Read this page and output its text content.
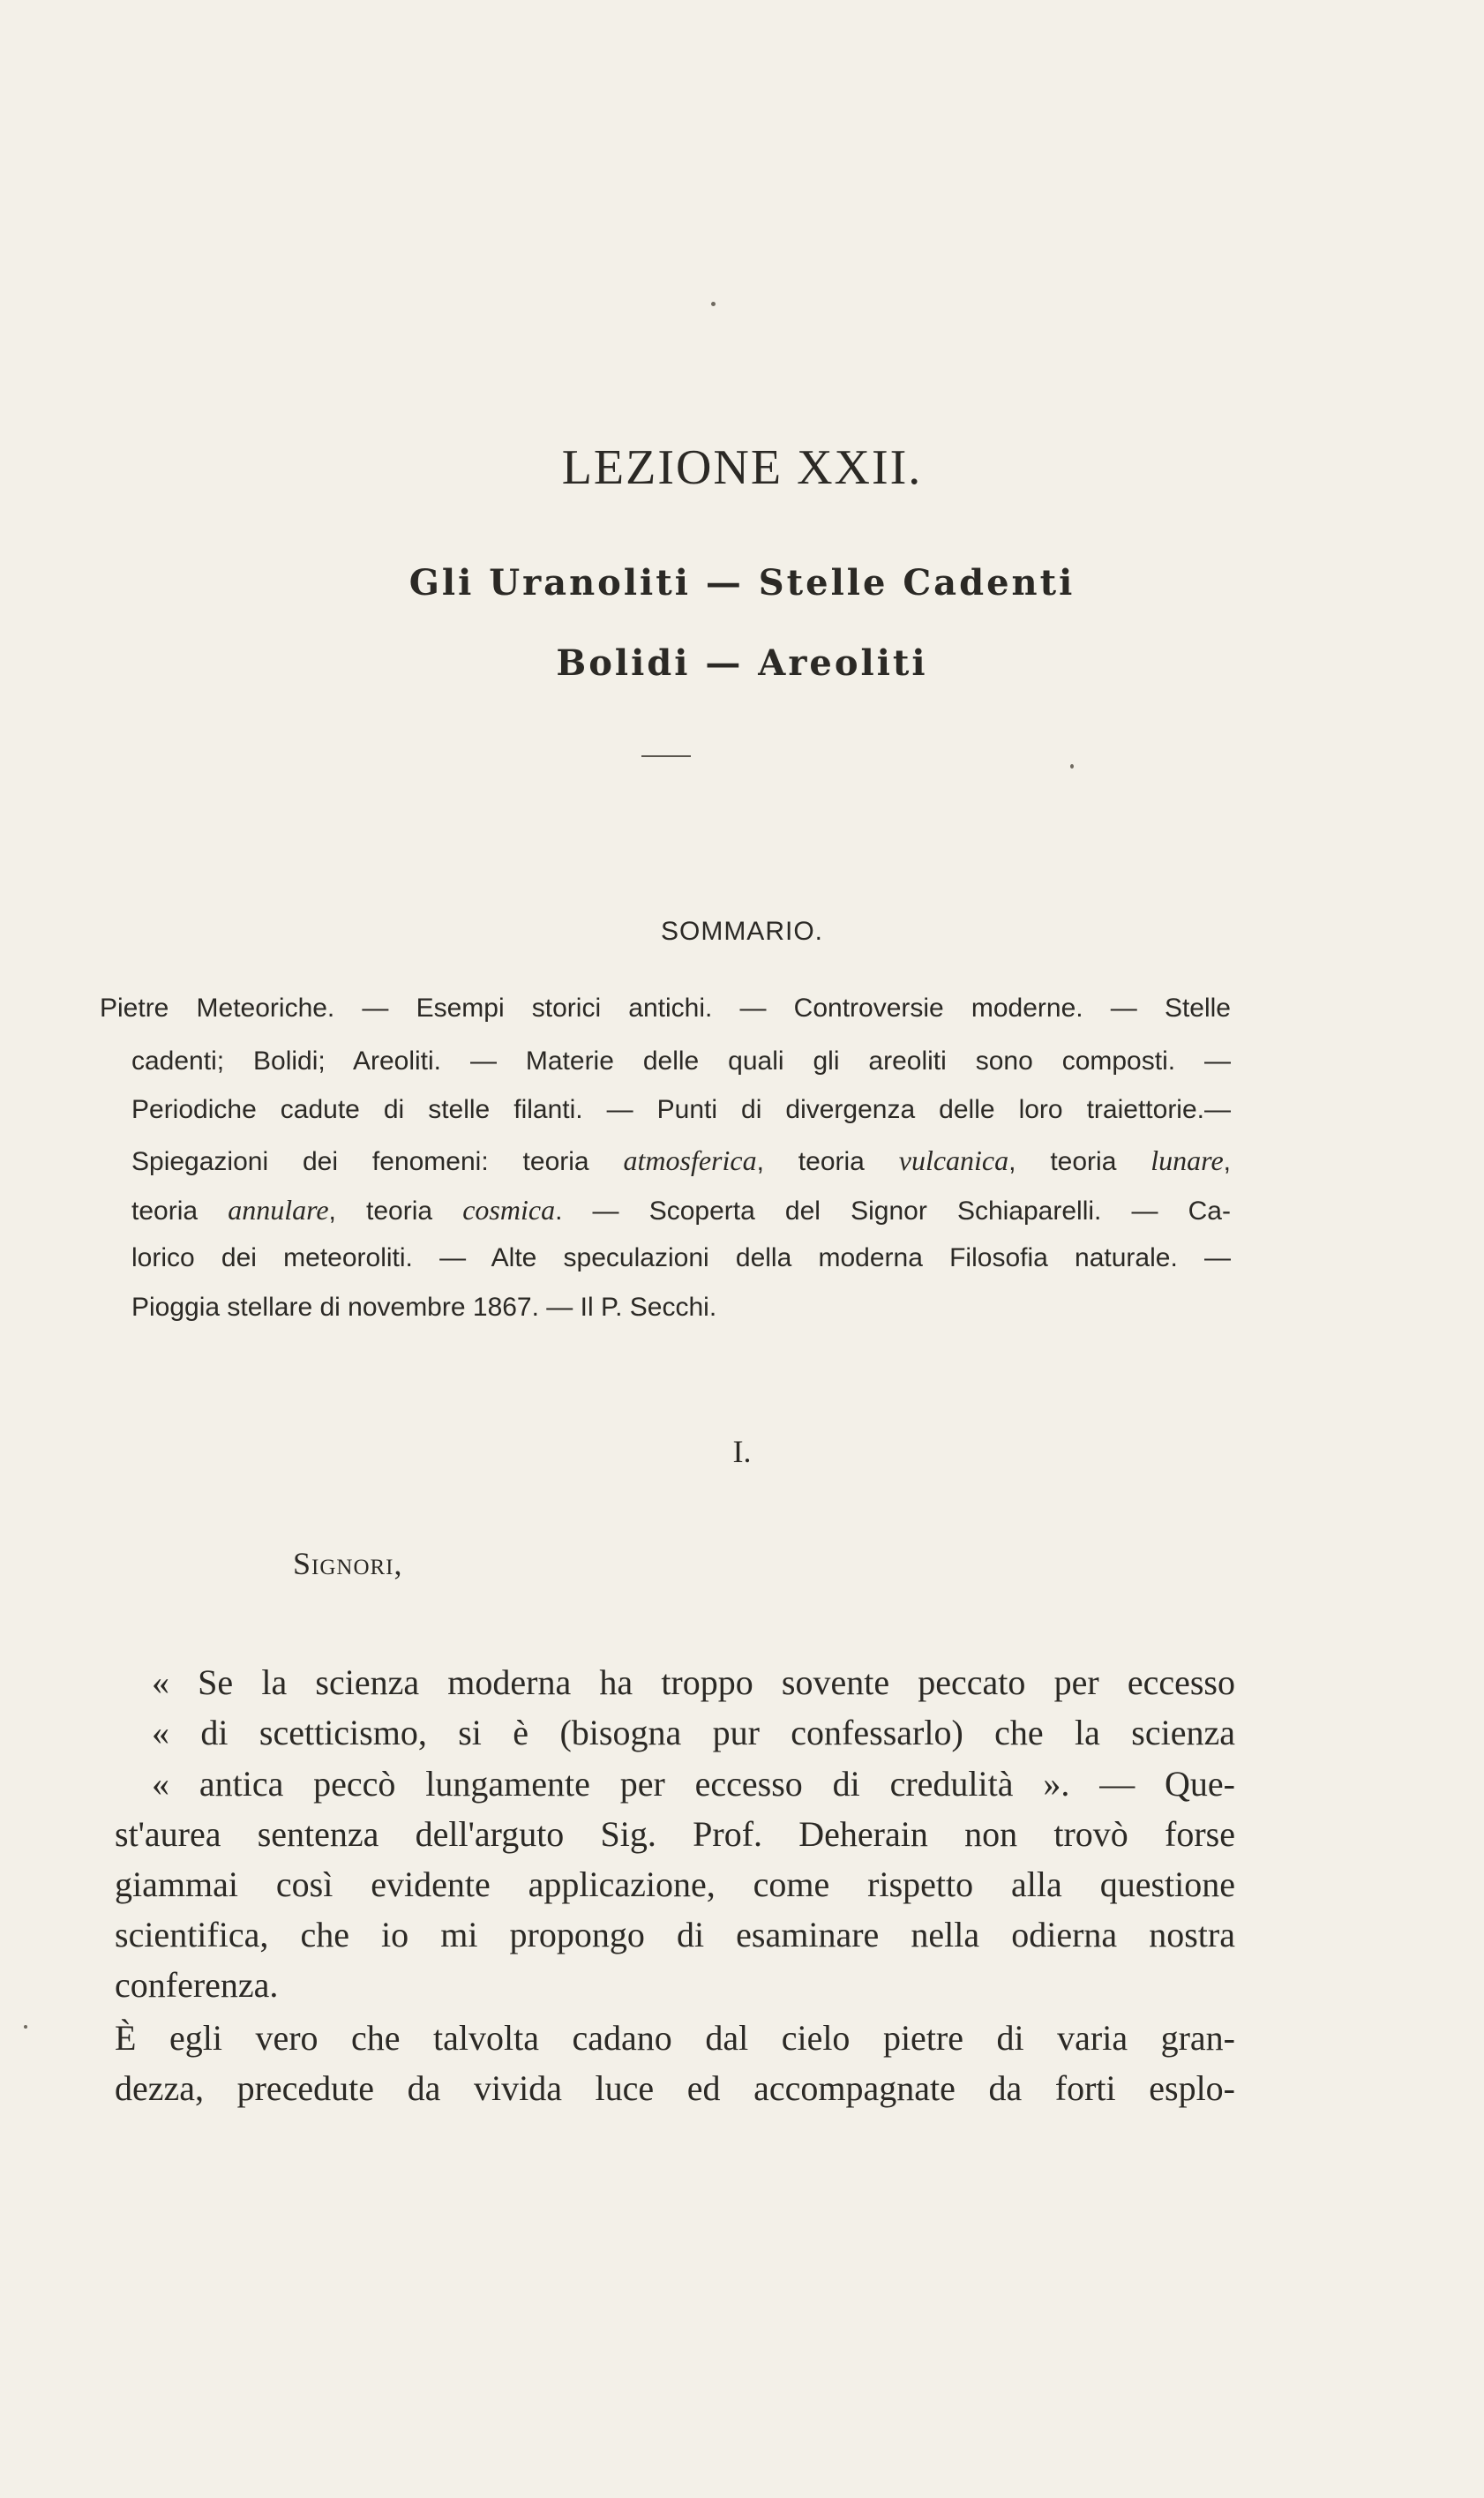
LEZIONE XXII.
Gli Uranoliti — Stelle Cadenti
Bolidi — Areoliti
SOMMARIO.
Pietre Meteoriche. — Esempi storici antichi. — Controversie moderne. — Stelle
cadenti; Bolidi; Areoliti. — Materie delle quali gli areoliti sono composti. —
Periodiche cadute di stelle filanti. — Punti di divergenza delle loro traiettorie.—
Spiegazioni dei fenomeni: teoria atmosferica, teoria vulcanica, teoria lunare,
teoria annulare, teoria cosmica. — Scoperta del Signor Schiaparelli. — Ca-
lorico dei meteoroliti. — Alte speculazioni della moderna Filosofia naturale. —
Pioggia stellare di novembre 1867. — Il P. Secchi.
I.
Signori,
« Se la scienza moderna ha troppo sovente peccato per eccesso
« di scetticismo, si è (bisogna pur confessarlo) che la scienza
« antica peccò lungamente per eccesso di credulità ». — Que-
st'aurea sentenza dell'arguto Sig. Prof. Deherain non trovò forse
giammai così evidente applicazione, come rispetto alla questione
scientifica, che io mi propongo di esaminare nella odierna nostra
conferenza.
È egli vero che talvolta cadano dal cielo pietre di varia gran-
dezza, precedute da vivida luce ed accompagnate da forti esplo-
